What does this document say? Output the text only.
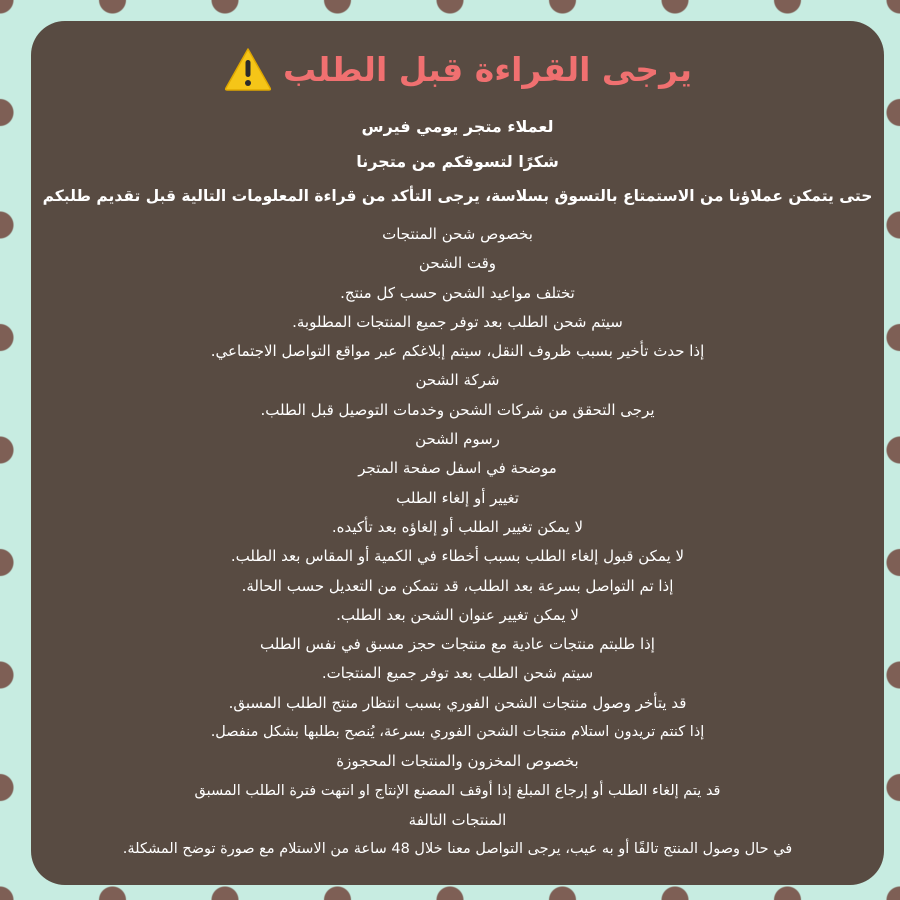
يرجى القراءة قبل الطلب
لعملاء متجر يومي فيرس
شكرًا لتسوقكم من متجرنا
حتى يتمكن عملاؤنا من الاستمتاع بالتسوق بسلاسة، يرجى التأكد من قراءة المعلومات التالية قبل تقديم طلبكم
بخصوص شحن المنتجات
وقت الشحن
تختلف مواعيد الشحن حسب كل منتج.
سيتم شحن الطلب بعد توفر جميع المنتجات المطلوبة.
إذا حدث تأخير بسبب ظروف النقل، سيتم إبلاغكم عبر مواقع التواصل الاجتماعي.
شركة الشحن
يرجى التحقق من شركات الشحن وخدمات التوصيل قبل الطلب.
رسوم الشحن
موضحة في اسفل صفحة المتجر
تغيير أو إلغاء الطلب
لا يمكن تغيير الطلب أو إلغاؤه بعد تأكيده.
لا يمكن قبول إلغاء الطلب بسبب أخطاء في الكمية أو المقاس بعد الطلب.
إذا تم التواصل بسرعة بعد الطلب، قد نتمكن من التعديل حسب الحالة.
لا يمكن تغيير عنوان الشحن بعد الطلب.
إذا طلبتم منتجات عادية مع منتجات حجز مسبق في نفس الطلب
سيتم شحن الطلب بعد توفر جميع المنتجات.
قد يتأخر وصول منتجات الشحن الفوري بسبب انتظار منتج الطلب المسبق.
إذا كنتم تريدون استلام منتجات الشحن الفوري بسرعة، يُنصح بطلبها بشكل منفصل.
بخصوص المخزون والمنتجات المحجوزة
قد يتم إلغاء الطلب أو إرجاع المبلغ إذا أوقف المصنع الإنتاج او انتهت فترة الطلب المسبق
المنتجات التالفة
في حال وصول المنتج تالفًا أو به عيب، يرجى التواصل معنا خلال 48 ساعة من الاستلام مع صورة توضح المشكلة.
